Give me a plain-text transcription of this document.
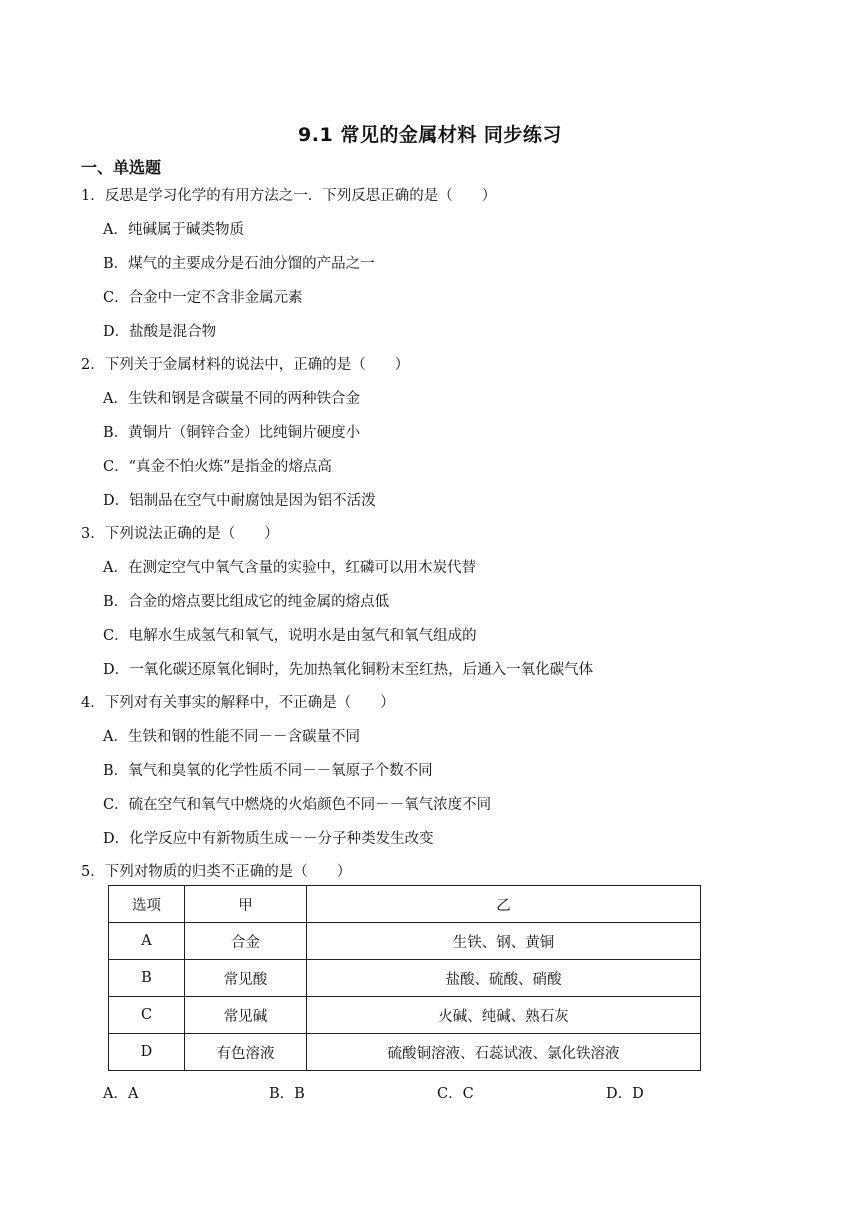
9.1 常见的金属材料 同步练习
一、单选题
1．反思是学习化学的有用方法之一．下列反思正确的是（　　）
A．纯碱属于碱类物质
B．煤气的主要成分是石油分馏的产品之一
C．合金中一定不含非金属元素
D．盐酸是混合物
2．下列关于金属材料的说法中，正确的是（　　）
A．生铁和钢是含碳量不同的两种铁合金
B．黄铜片（铜锌合金）比纯铜片硬度小
C．“真金不怕火炼”是指金的熔点高
D．铝制品在空气中耐腐蚀是因为铝不活泼
3．下列说法正确的是（　　）
A．在测定空气中氧气含量的实验中，红磷可以用木炭代替
B．合金的熔点要比组成它的纯金属的熔点低
C．电解水生成氢气和氧气，说明水是由氢气和氧气组成的
D．一氧化碳还原氧化铜时，先加热氧化铜粉末至红热，后通入一氧化碳气体
4．下列对有关事实的解释中，不正确是（　　）
A．生铁和钢的性能不同－－含碳量不同
B．氧气和臭氧的化学性质不同－－氧原子个数不同
C．硫在空气和氧气中燃烧的火焰颜色不同－－氧气浓度不同
D．化学反应中有新物质生成－－分子种类发生改变
5．下列对物质的归类不正确的是（　　）
选项	甲	乙
A	合金	生铁、钢、黄铜
B	常见酸	盐酸、硫酸、硝酸
C	常见碱	火碱、纯碱、熟石灰
D	有色溶液	硫酸铜溶液、石蕊试液、氯化铁溶液
A．A	B．B	C．C	D．D
